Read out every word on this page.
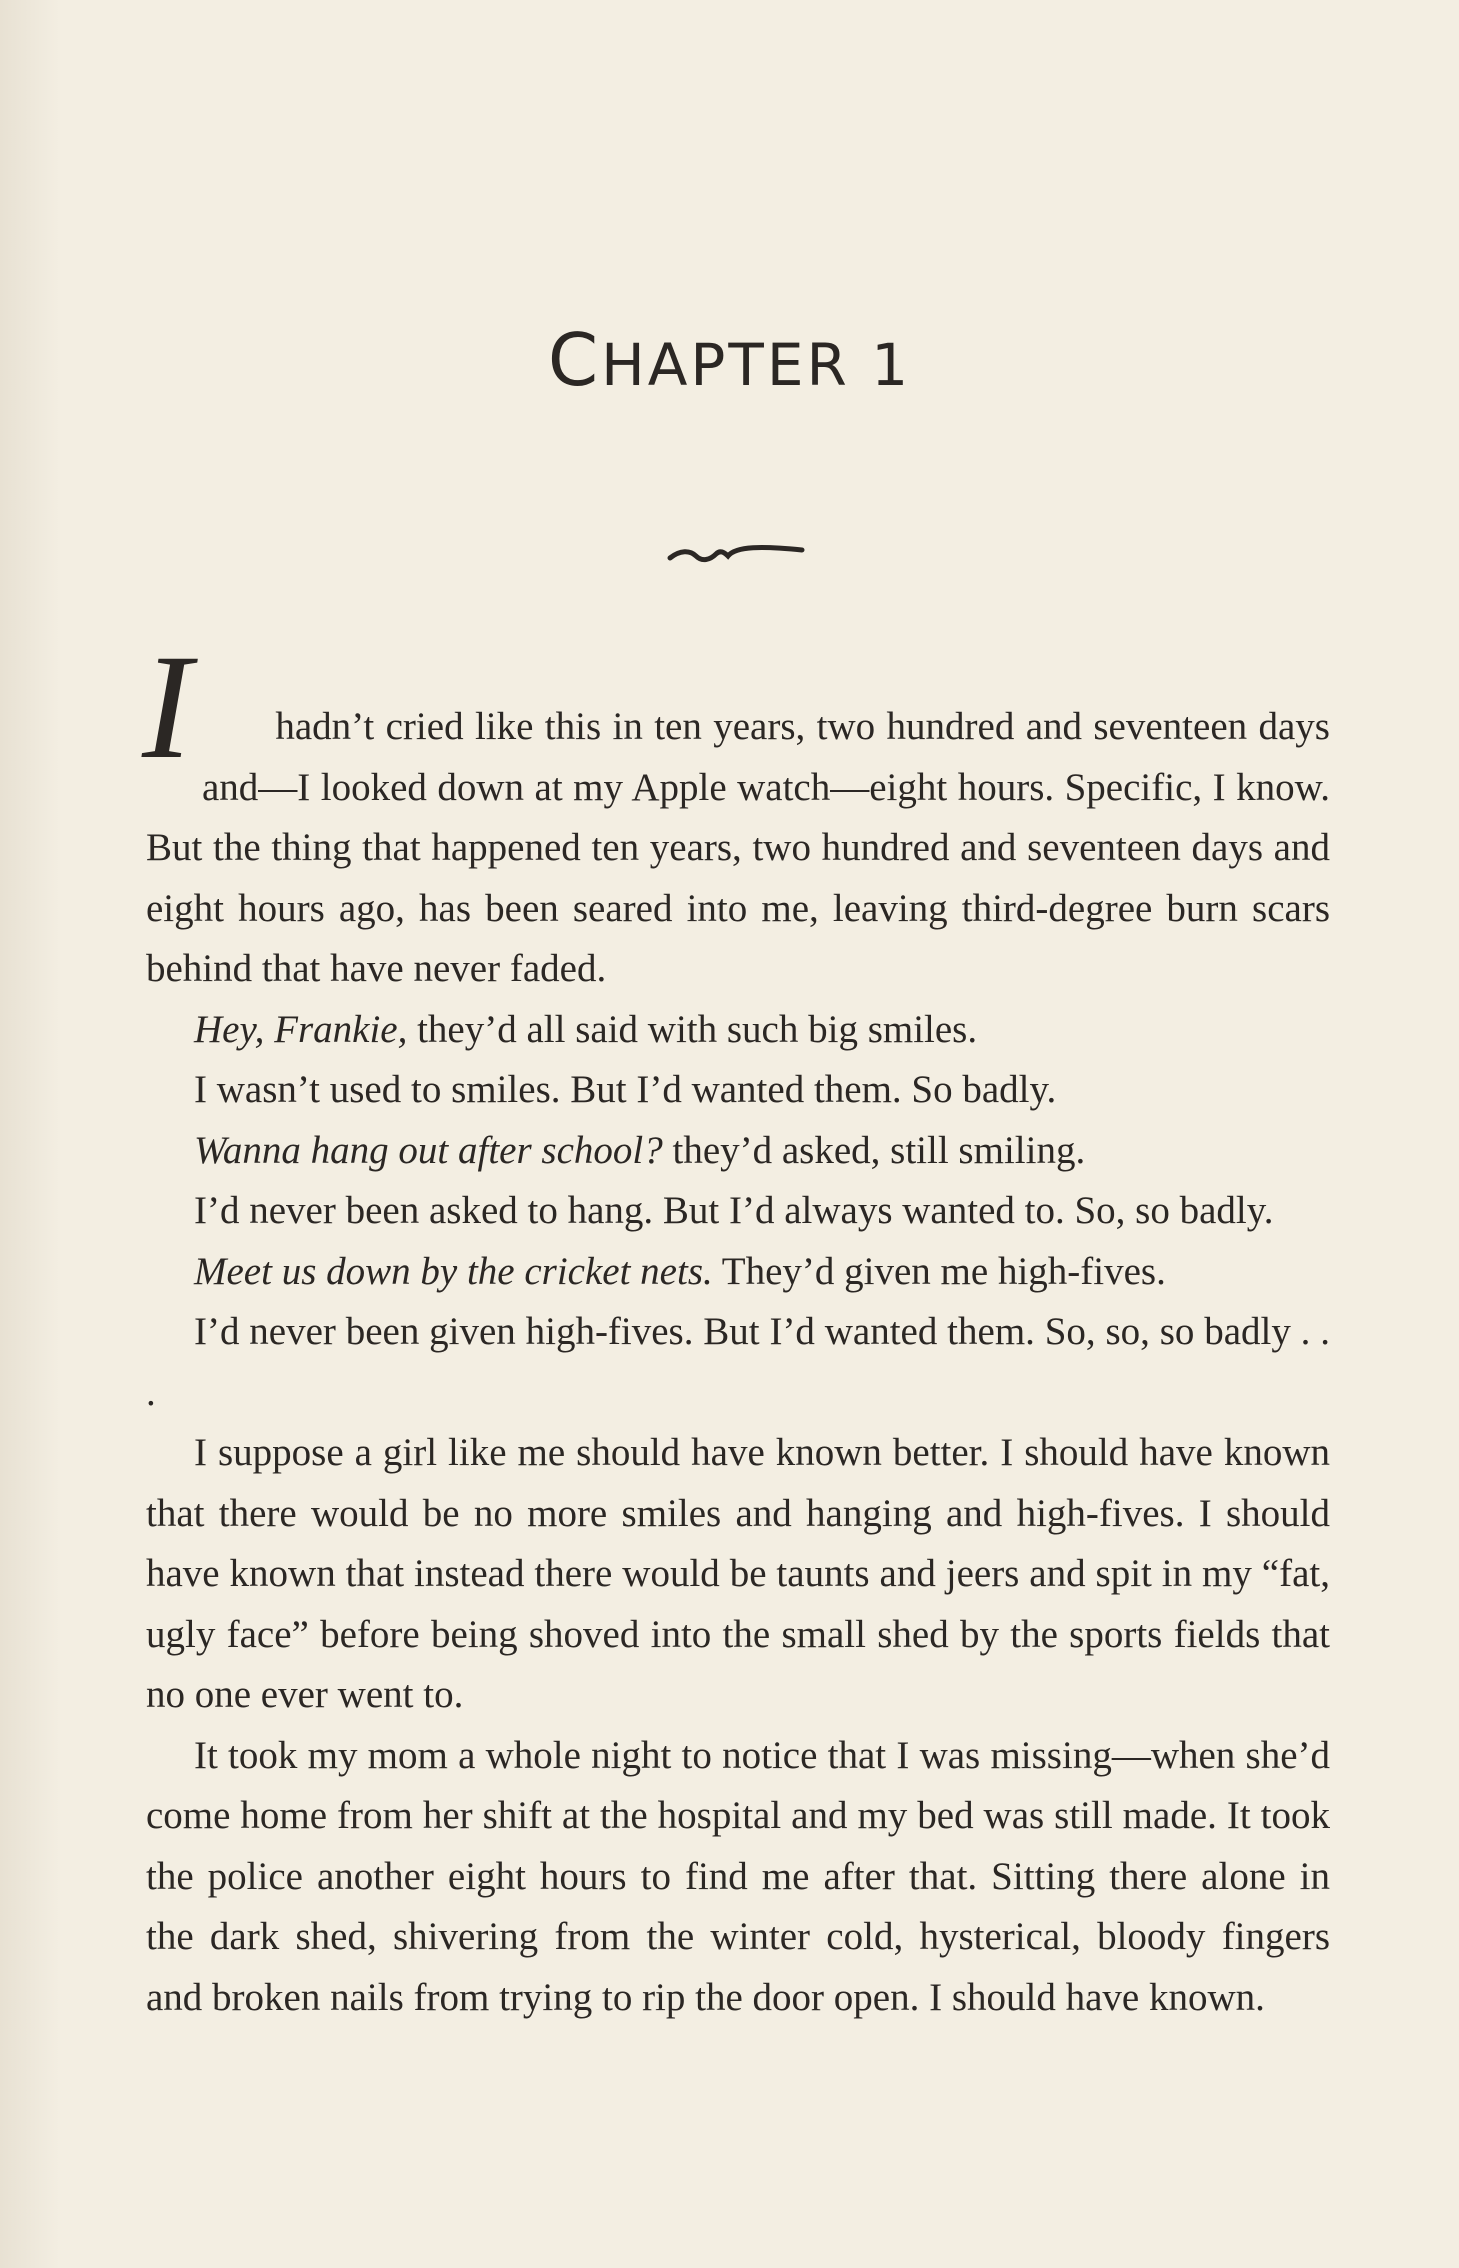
CHAPTER 1

I hadn’t cried like this in ten years, two hundred and seventeen days and—I looked down at my Apple watch—eight hours. Specific, I know. But the thing that happened ten years, two hundred and seventeen days and eight hours ago, has been seared into me, leaving third-degree burn scars behind that have never faded.

Hey, Frankie, they’d all said with such big smiles.

I wasn’t used to smiles. But I’d wanted them. So badly.

Wanna hang out after school? they’d asked, still smiling.

I’d never been asked to hang. But I’d always wanted to. So, so badly.

Meet us down by the cricket nets. They’d given me high-fives.

I’d never been given high-fives. But I’d wanted them. So, so, so badly . . .

I suppose a girl like me should have known better. I should have known that there would be no more smiles and hanging and high-fives. I should have known that instead there would be taunts and jeers and spit in my “fat, ugly face” before being shoved into the small shed by the sports fields that no one ever went to.

It took my mom a whole night to notice that I was missing—when she’d come home from her shift at the hospital and my bed was still made. It took the police another eight hours to find me after that. Sitting there alone in the dark shed, shivering from the winter cold, hysterical, bloody fingers and broken nails from trying to rip the door open. I should have known.
